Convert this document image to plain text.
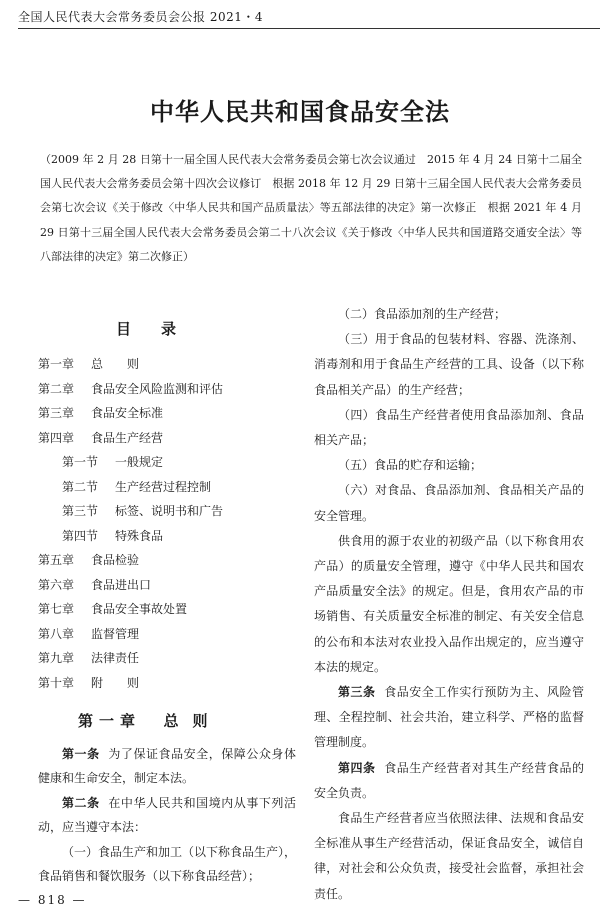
全国人民代表大会常务委员会公报 2021・4
中华人民共和国食品安全法
（2009 年 2 月 28 日第十一届全国人民代表大会常务委员会第七次会议通过　2015 年 4 月 24 日第十二届全国人民代表大会常务委员会第十四次会议修订　根据 2018 年 12 月 29 日第十三届全国人民代表大会常务委员会第七次会议《关于修改〈中华人民共和国产品质量法〉等五部法律的决定》第一次修正　根据 2021 年 4 月 29 日第十三届全国人民代表大会常务委员会第二十八次会议《关于修改〈中华人民共和国道路交通安全法〉等八部法律的决定》第二次修正）
目录
第一章 总则
第二章 食品安全风险监测和评估
第三章 食品安全标准
第四章 食品生产经营
第一节 一般规定
第二节 生产经营过程控制
第三节 标签、说明书和广告
第四节 特殊食品
第五章 食品检验
第六章 食品进出口
第七章 食品安全事故处置
第八章 监督管理
第九章 法律责任
第十章 附则
第一章 总则

第一条 为了保证食品安全，保障公众身体健康和生命安全，制定本法。

第二条 在中华人民共和国境内从事下列活动，应当遵守本法：

（一）食品生产和加工（以下称食品生产），食品销售和餐饮服务（以下称食品经营）；

（二）食品添加剂的生产经营；

（三）用于食品的包装材料、容器、洗涤剂、消毒剂和用于食品生产经营的工具、设备（以下称食品相关产品）的生产经营；

（四）食品生产经营者使用食品添加剂、食品相关产品；

（五）食品的贮存和运输；

（六）对食品、食品添加剂、食品相关产品的安全管理。

供食用的源于农业的初级产品（以下称食用农产品）的质量安全管理，遵守《中华人民共和国农产品质量安全法》的规定。但是，食用农产品的市场销售、有关质量安全标准的制定、有关安全信息的公布和本法对农业投入品作出规定的，应当遵守本法的规定。

第三条 食品安全工作实行预防为主、风险管理、全程控制、社会共治，建立科学、严格的监督管理制度。

第四条 食品生产经营者对其生产经营食品的安全负责。

食品生产经营者应当依照法律、法规和食品安全标准从事生产经营活动，保证食品安全，诚信自律，对社会和公众负责，接受社会监督，承担社会责任。

— 818 —
